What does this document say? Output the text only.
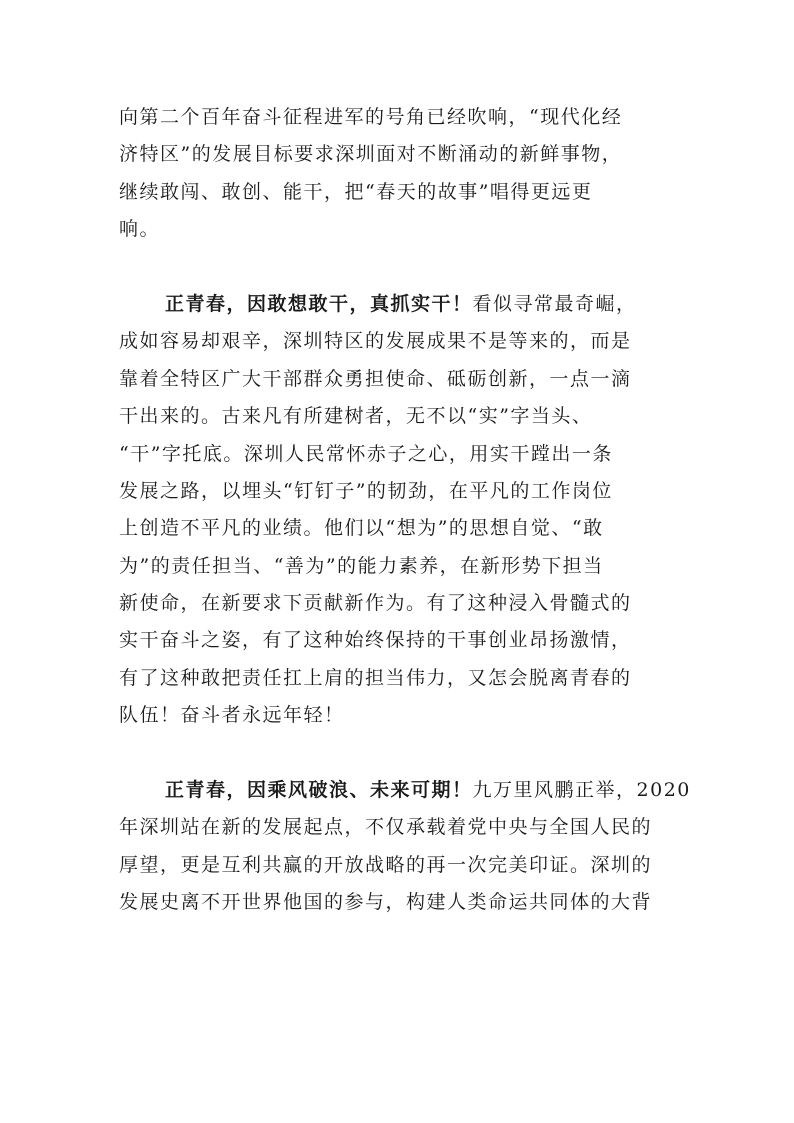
向第二个百年奋斗征程进军的号角已经吹响，“现代化经
济特区”的发展目标要求深圳面对不断涌动的新鲜事物，
继续敢闯、敢创、能干，把“春天的故事”唱得更远更
响。
正青春，因敢想敢干，真抓实干！看似寻常最奇崛，
成如容易却艰辛，深圳特区的发展成果不是等来的，而是
靠着全特区广大干部群众勇担使命、砥砺创新，一点一滴
干出来的。古来凡有所建树者，无不以“实”字当头、
“干”字托底。深圳人民常怀赤子之心，用实干蹚出一条
发展之路，以埋头“钉钉子”的韧劲，在平凡的工作岗位
上创造不平凡的业绩。他们以“想为”的思想自觉、“敢
为”的责任担当、“善为”的能力素养，在新形势下担当
新使命，在新要求下贡献新作为。有了这种浸入骨髓式的
实干奋斗之姿，有了这种始终保持的干事创业昂扬激情，
有了这种敢把责任扛上肩的担当伟力，又怎会脱离青春的
队伍！奋斗者永远年轻！
正青春，因乘风破浪、未来可期！九万里风鹏正举，2020
年深圳站在新的发展起点，不仅承载着党中央与全国人民的
厚望，更是互利共赢的开放战略的再一次完美印证。深圳的
发展史离不开世界他国的参与，构建人类命运共同体的大背
